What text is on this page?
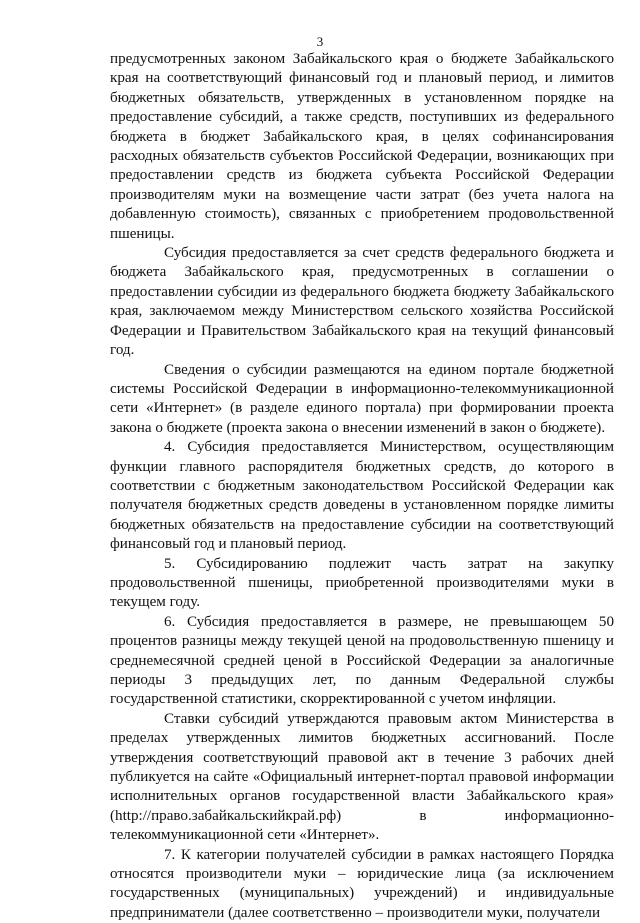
3

предусмотренных законом Забайкальского края о бюджете Забайкальского края на соответствующий финансовый год и плановый период, и лимитов бюджетных обязательств, утвержденных в установленном порядке на предоставление субсидий, а также средств, поступивших из федерального бюджета в бюджет Забайкальского края, в целях софинансирования расходных обязательств субъектов Российской Федерации, возникающих при предоставлении средств из бюджета субъекта Российской Федерации производителям муки на возмещение части затрат (без учета налога на добавленную стоимость), связанных с приобретением продовольственной пшеницы.

Субсидия предоставляется за счет средств федерального бюджета и бюджета Забайкальского края, предусмотренных в соглашении о предоставлении субсидии из федерального бюджета бюджету Забайкальского края, заключаемом между Министерством сельского хозяйства Российской Федерации и Правительством Забайкальского края на текущий финансовый год.

Сведения о субсидии размещаются на едином портале бюджетной системы Российской Федерации в информационно-телекоммуникационной сети «Интернет» (в разделе единого портала) при формировании проекта закона о бюджете (проекта закона о внесении изменений в закон о бюджете).

4. Субсидия предоставляется Министерством, осуществляющим функции главного распорядителя бюджетных средств, до которого в соответствии с бюджетным законодательством Российской Федерации как получателя бюджетных средств доведены в установленном порядке лимиты бюджетных обязательств на предоставление субсидии на соответствующий финансовый год и плановый период.

5. Субсидированию подлежит часть затрат на закупку продовольственной пшеницы, приобретенной производителями муки в текущем году.

6. Субсидия предоставляется в размере, не превышающем 50 процентов разницы между текущей ценой на продовольственную пшеницу и среднемесячной средней ценой в Российской Федерации за аналогичные периоды 3 предыдущих лет, по данным Федеральной службы государственной статистики, скорректированной с учетом инфляции.

Ставки субсидий утверждаются правовым актом Министерства в пределах утвержденных лимитов бюджетных ассигнований. После утверждения соответствующий правовой акт в течение 3 рабочих дней публикуется на сайте «Официальный интернет-портал правовой информации исполнительных органов государственной власти Забайкальского края» (http://право.забайкальскийкрай.рф) в информационно-телекоммуникационной сети «Интернет».

7. К категории получателей субсидии в рамках настоящего Порядка относятся производители муки – юридические лица (за исключением государственных (муниципальных) учреждений) и индивидуальные предприниматели (далее соответственно – производители муки, получатели
